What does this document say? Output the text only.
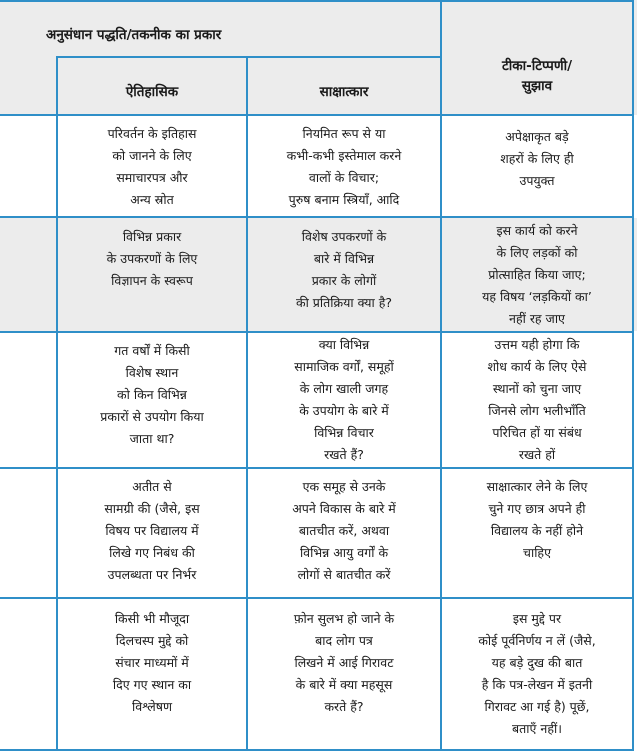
अनुसंधान पद्धति/तकनीक का प्रकार
ऐतिहासिक	साक्षात्कार
टीका-टिप्पणी/
सुझाव
परिवर्तन के इतिहास
को जानने के लिए
समाचारपत्र और
अन्य स्रोत
नियमित रूप से या
कभी-कभी इस्तेमाल करने
वालों के विचार;
पुरुष बनाम स्त्रियाँ, आदि
अपेक्षाकृत बड़े
शहरों के लिए ही
उपयुक्त
विभिन्न प्रकार
के उपकरणों के लिए
विज्ञापन के स्वरूप
विशेष उपकरणों के
बारे में विभिन्न
प्रकार के लोगों
की प्रतिक्रिया क्या है?
इस कार्य को करने
के लिए लड़कों को
प्रोत्साहित किया जाए;
यह विषय ‘लड़कियों का’
नहीं रह जाए
गत वर्षों में किसी
विशेष स्थान
को किन विभिन्न
प्रकारों से उपयोग किया
जाता था?
क्या विभिन्न
सामाजिक वर्गों, समूहों
के लोग खाली जगह
के उपयोग के बारे में
विभिन्न विचार
रखते हैं?
उत्तम यही होगा कि
शोध कार्य के लिए ऐसे
स्थानों को चुना जाए
जिनसे लोग भलीभाँति
परिचित हों या संबंध
रखते हों
अतीत से
सामग्री की (जैसे, इस
विषय पर विद्यालय में
लिखे गए निबंध की
उपलब्धता पर निर्भर
एक समूह से उनके
अपने विकास के बारे में
बातचीत करें, अथवा
विभिन्न आयु वर्गों के
लोगों से बातचीत करें
साक्षात्कार लेने के लिए
चुने गए छात्र अपने ही
विद्यालय के नहीं होने
चाहिए
किसी भी मौजूदा
दिलचस्प मुद्दे को
संचार माध्यमों में
दिए गए स्थान का
विश्लेषण
फ़ोन सुलभ हो जाने के
बाद लोग पत्र
लिखने में आई गिरावट
के बारे में क्या महसूस
करते हैं?
इस मुद्दे पर
कोई पूर्वनिर्णय न लें (जैसे,
यह बड़े दुख की बात
है कि पत्र-लेखन में इतनी
गिरावट आ गई है) पूछें,
बताएँ नहीं।
